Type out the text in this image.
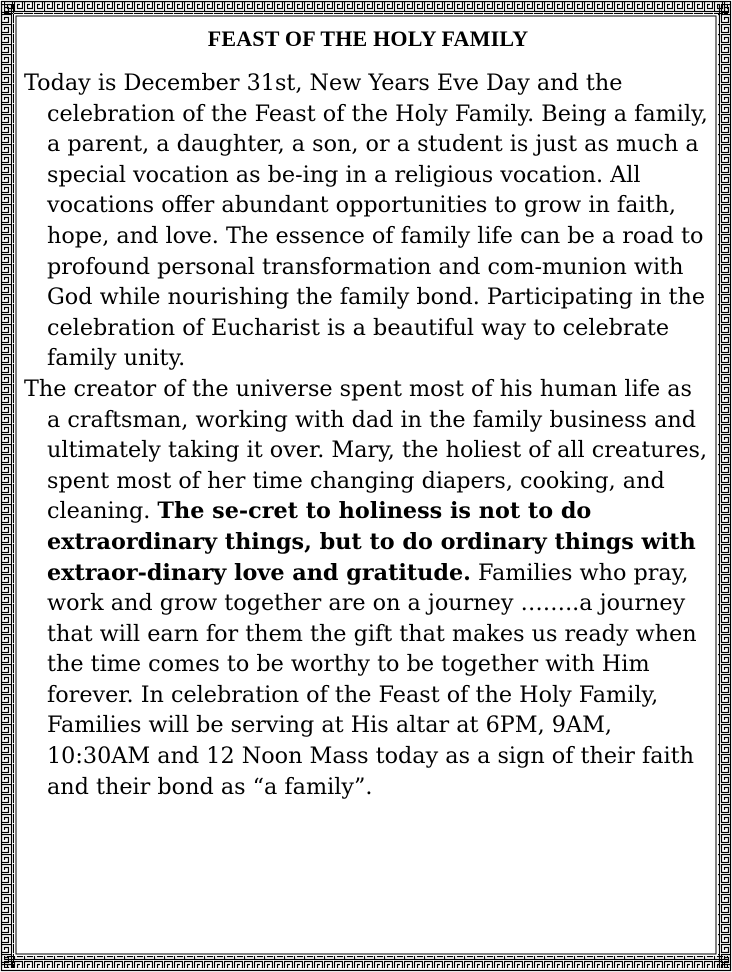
FEAST OF THE HOLY FAMILY

Today is December 31st, New Years Eve Day and the celebration of the Feast of the Holy Family. Being a family, a parent, a daughter, a son, or a student is just as much a special vocation as be-ing in a religious vocation. All vocations offer abundant opportunities to grow in faith, hope, and love. The essence of family life can be a road to profound personal transformation and com-munion with God while nourishing the family bond. Participating in the celebration of Eucharist is a beautiful way to celebrate family unity.

The creator of the universe spent most of his human life as a craftsman, working with dad in the family business and ultimately taking it over. Mary, the holiest of all creatures, spent most of her time changing diapers, cooking, and cleaning. The se-cret to holiness is not to do extraordinary things, but to do ordinary things with extraor-dinary love and gratitude. Families who pray, work and grow together are on a journey ……..a journey that will earn for them the gift that makes us ready when the time comes to be worthy to be together with Him forever. In celebration of the Feast of the Holy Family, Families will be serving at His altar at 6PM, 9AM, 10:30AM and 12 Noon Mass today as a sign of their faith and their bond as “a family”.
